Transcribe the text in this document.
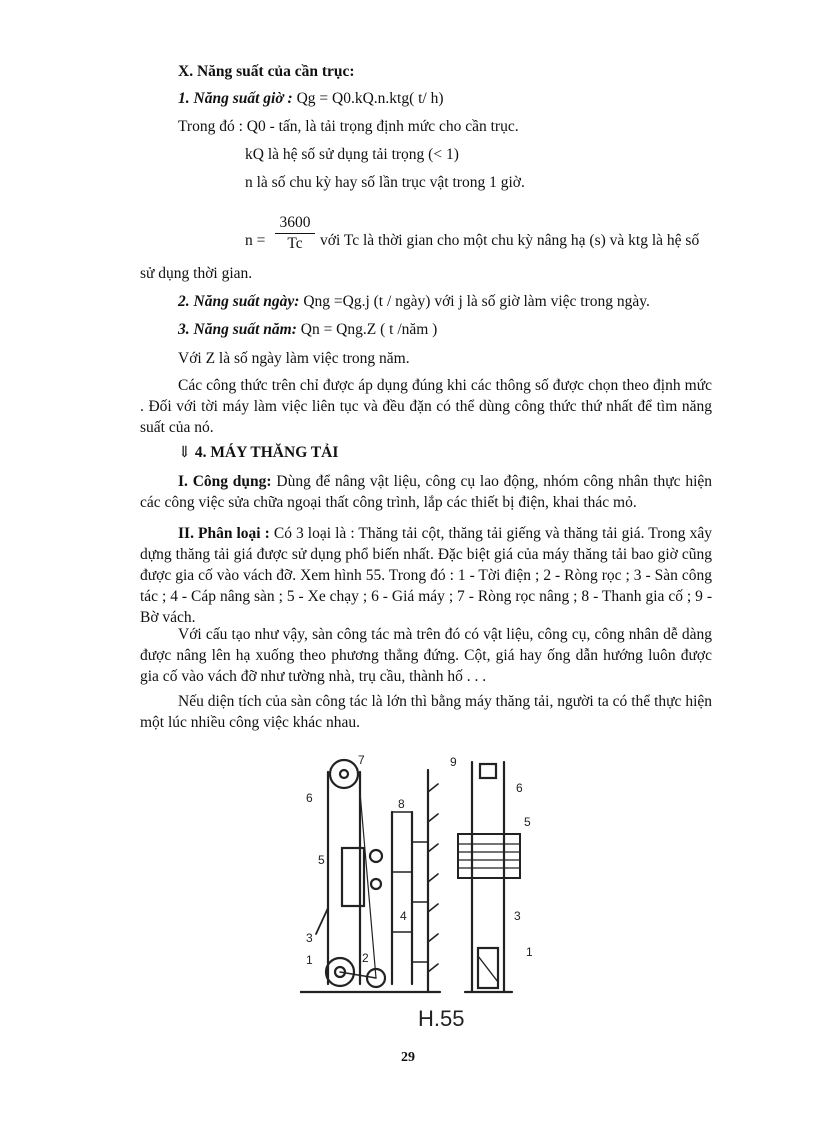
X. Năng suất của cần trục:
1. Năng suất giờ : Qg = Q0.kQ.n.ktg( t/ h)
Trong đó : Q0 - tấn, là tải trọng định mức cho cần trục.
kQ là hệ số sử dụng tải trọng (< 1)
n là số chu kỳ hay số lần trục vật trong 1 giờ.
$n = \frac{3600}{Tc}$ với Tc là thời gian cho một chu kỳ nâng hạ (s) và ktg là hệ số
sử dụng thời gian.
2. Năng suất ngày: Qng =Qg.j (t / ngày) với j là số giờ làm việc trong ngày.
3. Năng suất năm: Qn = Qng.Z ( t /năm )
Với Z là số ngày làm việc trong năm.
Các công thức trên chỉ được áp dụng đúng khi các thông số được chọn theo định mức . Đối với tời máy làm việc liên tục và đều đặn có thể dùng công thức thứ nhất để tìm năng suất của nó.
⇓ 4. MÁY THĂNG TẢI
I. Công dụng: Dùng để nâng vật liệu, công cụ lao động, nhóm công nhân thực hiện các công việc sửa chữa ngoại thất công trình, lắp các thiết bị điện, khai thác mỏ.
II. Phân loại : Có 3 loại là : Thăng tải cột, thăng tải giếng và thăng tải giá. Trong xây dựng thăng tải giá được sử dụng phổ biến nhất. Đặc biệt giá của máy thăng tải bao giờ cũng được gia cố vào vách đỡ. Xem hình 55. Trong đó : 1 - Tời điện ; 2 - Ròng rọc ; 3 - Sàn công tác ; 4 - Cáp nâng sàn ; 5 - Xe chạy ; 6 - Giá máy ; 7 - Ròng rọc nâng ; 8 - Thanh gia cố ; 9 - Bờ vách.
Với cấu tạo như vậy, sàn công tác mà trên đó có vật liệu, công cụ, công nhân dễ dàng được nâng lên hạ xuống theo phương thẳng đứng. Cột, giá hay ống dẫn hướng luôn được gia cố vào vách đỡ như tường nhà, trụ cầu, thành hố . . .
Nếu diện tích của sàn công tác là lớn thì bằng máy thăng tải, người ta có thể thực hiện một lúc nhiều công việc khác nhau.
7	9
6	8
5
4
3
1	2
6
5
3
1
H.55
29
